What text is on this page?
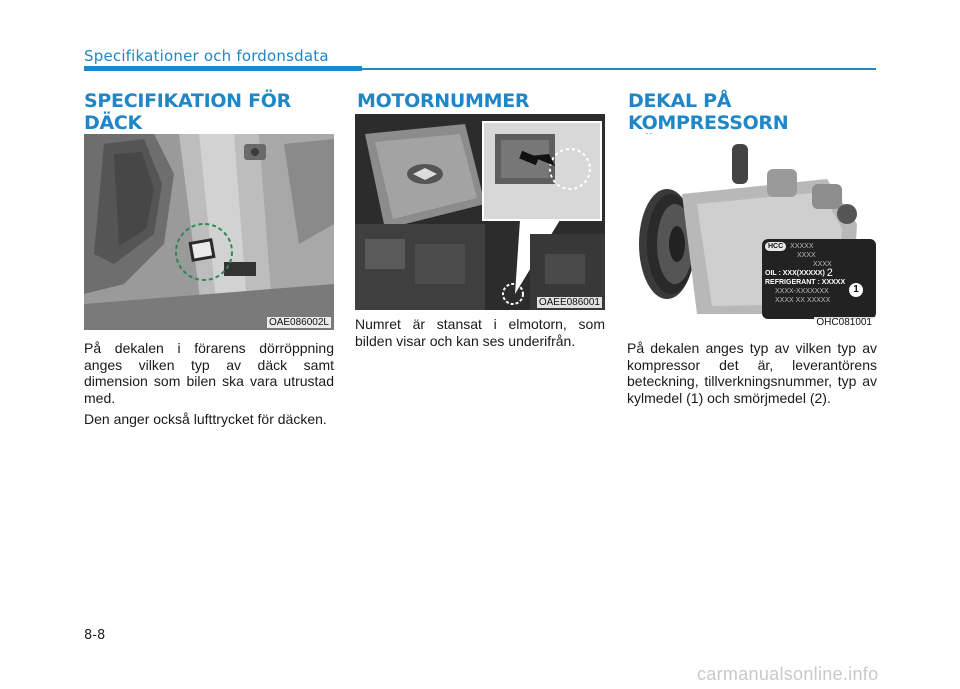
Specifikationer och fordonsdata
SPECIFIKATION FÖR DÄCK
OAE086002L

På dekalen i förarens dörröppning anges vilken typ av däck samt dimension som bilen ska vara utrustad med.

Den anger också lufttrycket för däcken.

MOTORNUMMER
OAEE086001

Numret är stansat i elmotorn, som bilden visar och kan ses underifrån.

DEKAL PÅ KOMPRESSORN
HCC	XXXXX
XXXX
XXXX
OIL : XXX(XXXXX) 2
REFRIGERANT : XXXXX
XXXX-XXXXXXX
XXXX XX XXXXX
1
OHC081001

På dekalen anges typ av vilken typ av kompressor det är, leverantörens beteckning, tillverkningsnummer, typ av kylmedel (1) och smörjmedel (2).

8-8
carmanualsonline.info
